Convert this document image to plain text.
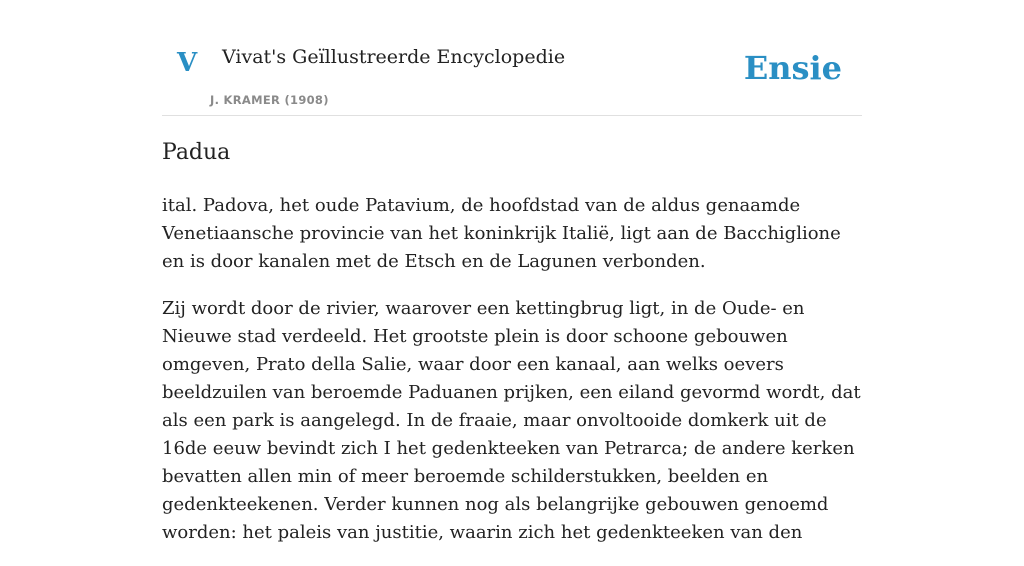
V Vivat's Geïllustreerde Encyclopedie
J. KRAMER (1908)
Ensie
Padua

ital. Padova, het oude Patavium, de hoofdstad van de aldus genaamde Venetiaansche provincie van het koninkrijk Italië, ligt aan de Bacchiglione en is door kanalen met de Etsch en de Lagunen verbonden.

Zij wordt door de rivier, waarover een kettingbrug ligt, in de Oude- en Nieuwe stad verdeeld. Het grootste plein is door schoone gebouwen omgeven, Prato della Salie, waar door een kanaal, aan welks oevers beeldzuilen van beroemde Paduanen prijken, een eiland gevormd wordt, dat als een park is aangelegd. In de fraaie, maar onvoltooide domkerk uit de 16de eeuw bevindt zich I het gedenkteeken van Petrarca; de andere kerken bevatten allen min of meer beroemde schilderstukken, beelden en gedenkteekenen. Verder kunnen nog als belangrijke gebouwen genoemd worden: het paleis van justitie, waarin zich het gedenkteeken van den
